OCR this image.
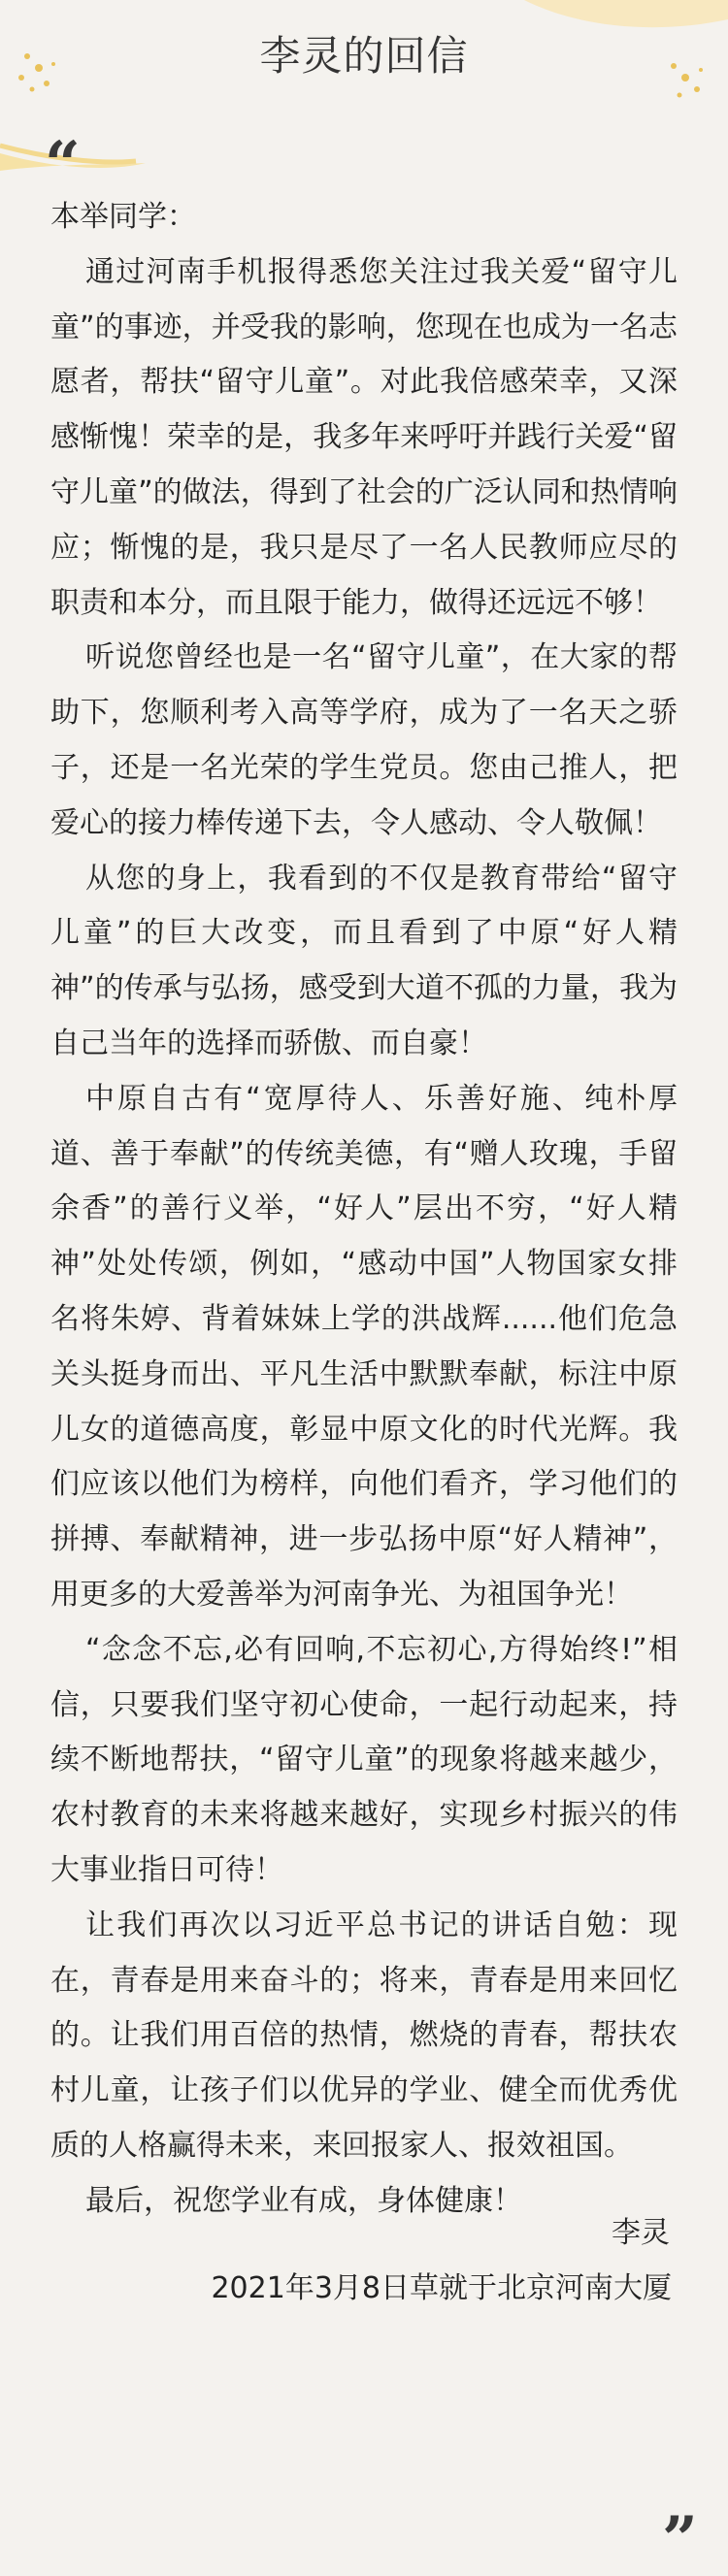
李灵的回信
“

本举同学：

通过河南手机报得悉您关注过我关爱“留守儿童”的事迹，并受我的影响，您现在也成为一名志愿者，帮扶“留守儿童”。对此我倍感荣幸，又深感惭愧！荣幸的是，我多年来呼吁并践行关爱“留守儿童”的做法，得到了社会的广泛认同和热情响应；惭愧的是，我只是尽了一名人民教师应尽的职责和本分，而且限于能力，做得还远远不够！

听说您曾经也是一名“留守儿童”，在大家的帮助下，您顺利考入高等学府，成为了一名天之骄子，还是一名光荣的学生党员。您由己推人，把爱心的接力棒传递下去，令人感动、令人敬佩！

从您的身上，我看到的不仅是教育带给“留守儿童”的巨大改变，而且看到了中原“好人精神”的传承与弘扬，感受到大道不孤的力量，我为自己当年的选择而骄傲、而自豪！

中原自古有“宽厚待人、乐善好施、纯朴厚道、善于奉献”的传统美德，有“赠人玫瑰，手留余香”的善行义举，“好人”层出不穷，“好人精神”处处传颂，例如，“感动中国”人物国家女排名将朱婷、背着妹妹上学的洪战辉......他们危急关头挺身而出、平凡生活中默默奉献，标注中原儿女的道德高度，彰显中原文化的时代光辉。我们应该以他们为榜样，向他们看齐，学习他们的拼搏、奉献精神，进一步弘扬中原“好人精神”，用更多的大爱善举为河南争光、为祖国争光！

“念念不忘,必有回响,不忘初心,方得始终!”相信，只要我们坚守初心使命，一起行动起来，持续不断地帮扶，“留守儿童”的现象将越来越少，农村教育的未来将越来越好，实现乡村振兴的伟大事业指日可待！

让我们再次以习近平总书记的讲话自勉：现在，青春是用来奋斗的；将来，青春是用来回忆的。让我们用百倍的热情，燃烧的青春，帮扶农村儿童，让孩子们以优异的学业、健全而优秀优质的人格赢得未来，来回报家人、报效祖国。

最后，祝您学业有成，身体健康！

李灵
2021年3月8日草就于北京河南大厦
”
